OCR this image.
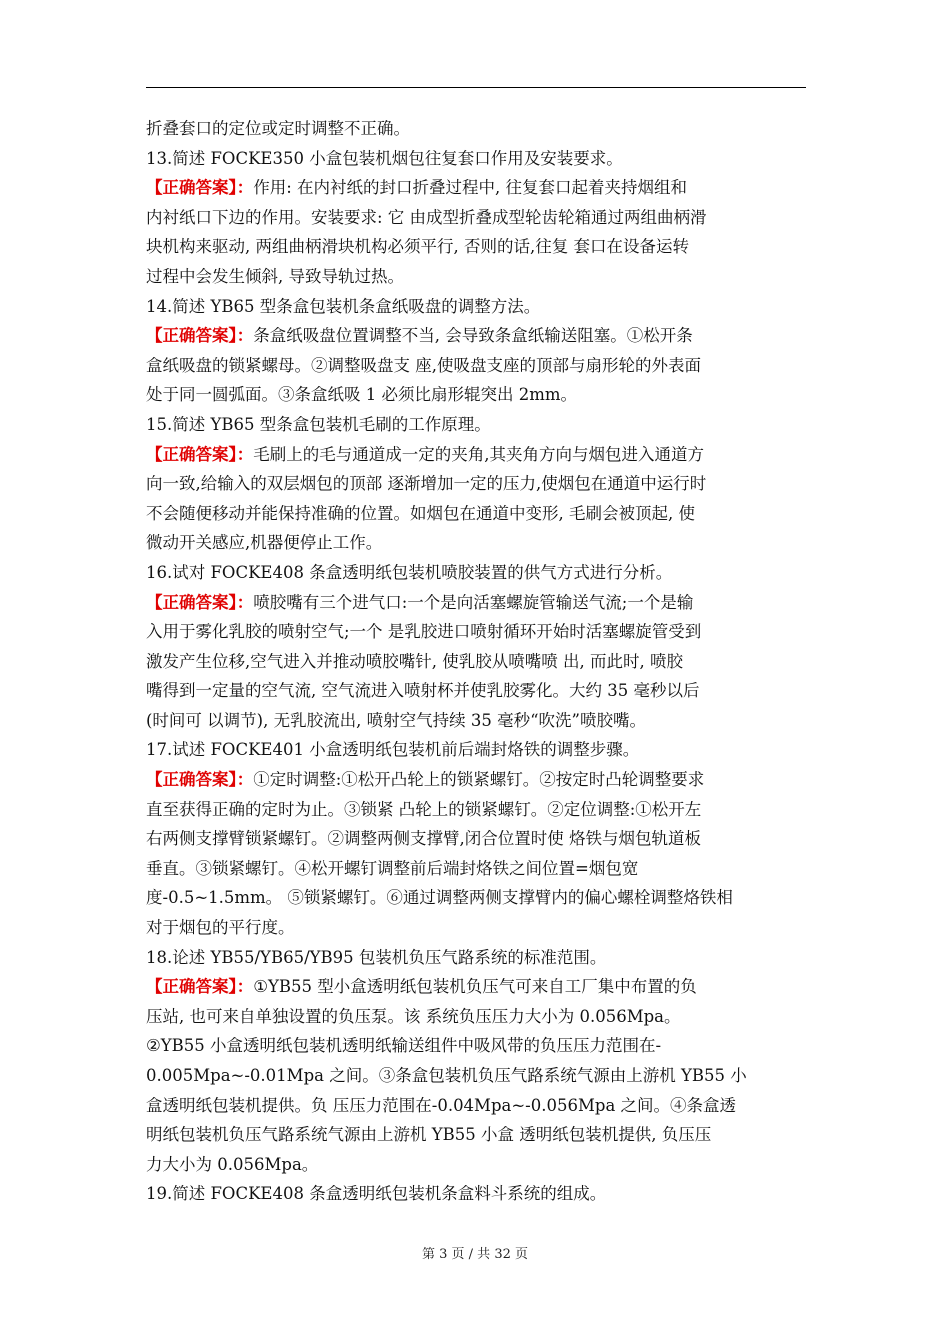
折叠套口的定位或定时调整不正确。
13.简述 FOCKE350 小盒包装机烟包往复套口作用及安装要求。
【正确答案】：作用: 在内衬纸的封口折叠过程中, 往复套口起着夹持烟组和
内衬纸口下边的作用。安装要求: 它 由成型折叠成型轮齿轮箱通过两组曲柄滑
块机构来驱动, 两组曲柄滑块机构必须平行, 否则的话,往复 套口在设备运转
过程中会发生倾斜, 导致导轨过热。
14.简述 YB65 型条盒包装机条盒纸吸盘的调整方法。
【正确答案】：条盒纸吸盘位置调整不当, 会导致条盒纸输送阻塞。①松开条
盒纸吸盘的锁紧螺母。②调整吸盘支 座,使吸盘支座的顶部与扇形轮的外表面
处于同一圆弧面。③条盒纸吸 1 必须比扇形辊突出 2mm。
15.简述 YB65 型条盒包装机毛刷的工作原理。
【正确答案】：毛刷上的毛与通道成一定的夹角,其夹角方向与烟包进入通道方
向一致,给输入的双层烟包的顶部 逐渐增加一定的压力,使烟包在通道中运行时
不会随便移动并能保持准确的位置。如烟包在通道中变形, 毛刷会被顶起, 使
微动开关感应,机器便停止工作。
16.试对 FOCKE408 条盒透明纸包装机喷胶装置的供气方式进行分析。
【正确答案】：喷胶嘴有三个进气口:一个是向活塞螺旋管输送气流;一个是输
入用于雾化乳胶的喷射空气;一个 是乳胶进口喷射循环开始时活塞螺旋管受到
激发产生位移,空气进入并推动喷胶嘴针, 使乳胶从喷嘴喷 出, 而此时, 喷胶
嘴得到一定量的空气流, 空气流进入喷射杯并使乳胶雾化。大约 35 毫秒以后
(时间可 以调节), 无乳胶流出, 喷射空气持续 35 毫秒“吹洗”喷胶嘴。
17.试述 FOCKE401 小盒透明纸包装机前后端封烙铁的调整步骤。
【正确答案】：①定时调整:①松开凸轮上的锁紧螺钉。②按定时凸轮调整要求
直至获得正确的定时为止。③锁紧 凸轮上的锁紧螺钉。②定位调整:①松开左
右两侧支撑臂锁紧螺钉。②调整两侧支撑臂,闭合位置时使 烙铁与烟包轨道板
垂直。③锁紧螺钉。④松开螺钉调整前后端封烙铁之间位置=烟包宽
度-0.5~1.5mm。 ⑤锁紧螺钉。⑥通过调整两侧支撑臂内的偏心螺栓调整烙铁相
对于烟包的平行度。
18.论述 YB55/YB65/YB95 包装机负压气路系统的标准范围。
【正确答案】：①YB55 型小盒透明纸包装机负压气可来自工厂集中布置的负
压站, 也可来自单独设置的负压泵。该 系统负压压力大小为 0.056Mpa。
②YB55 小盒透明纸包装机透明纸输送组件中吸风带的负压压力范围在-
0.005Mpa~-0.01Mpa 之间。③条盒包装机负压气路系统气源由上游机 YB55 小
盒透明纸包装机提供。负 压压力范围在-0.04Mpa~-0.056Mpa 之间。④条盒透
明纸包装机负压气路系统气源由上游机 YB55 小盒 透明纸包装机提供, 负压压
力大小为 0.056Mpa。
19.简述 FOCKE408 条盒透明纸包装机条盒料斗系统的组成。
第 3 页 / 共 32 页
